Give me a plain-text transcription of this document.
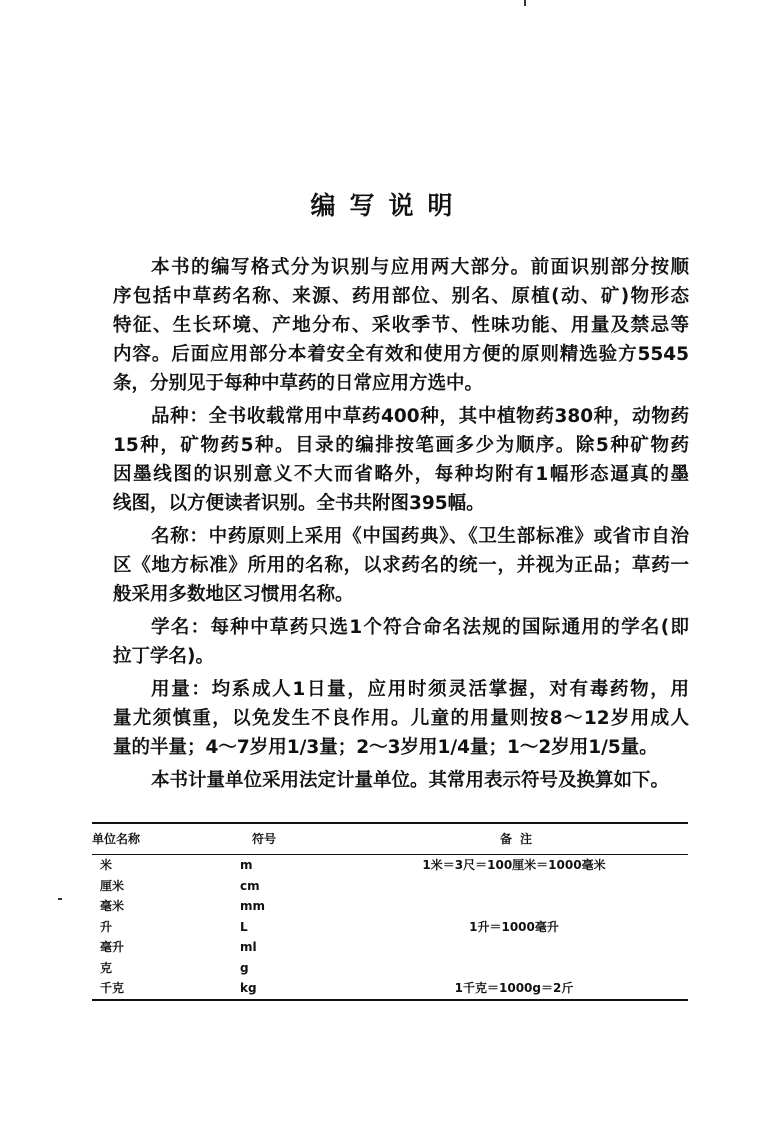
编写说明
本书的编写格式分为识别与应用两大部分。前面识别部分按顺
序包括中草药名称、来源、药用部位、别名、原植(动、矿)物形态
特征、生长环境、产地分布、采收季节、性味功能、用量及禁忌等
内容。后面应用部分本着安全有效和使用方便的原则精选验方5545
条，分别见于每种中草药的日常应用方选中。
品种：全书收载常用中草药400种，其中植物药380种，动物药
15种，矿物药5种。目录的编排按笔画多少为顺序。除5种矿物药
因墨线图的识别意义不大而省略外，每种均附有1幅形态逼真的墨
线图，以方便读者识别。全书共附图395幅。
名称：中药原则上采用《中国药典》、《卫生部标准》或省市自治
区《地方标准》所用的名称，以求药名的统一，并视为正品；草药一
般采用多数地区习惯用名称。
学名：每种中草药只选1个符合命名法规的国际通用的学名(即
拉丁学名)。
用量：均系成人1日量，应用时须灵活掌握，对有毒药物，用
量尤须慎重，以免发生不良作用。儿童的用量则按8～12岁用成人
量的半量；4～7岁用1/3量；2～3岁用1/4量；1～2岁用1/5量。
本书计量单位采用法定计量单位。其常用表示符号及换算如下。
单位名称	符号	备注
米	m	1米＝3尺＝100厘米＝1000毫米
厘米	cm
毫米	mm
升	L	1升＝1000毫升
毫升	ml
克	g
千克	kg	1千克＝1000g＝2斤
